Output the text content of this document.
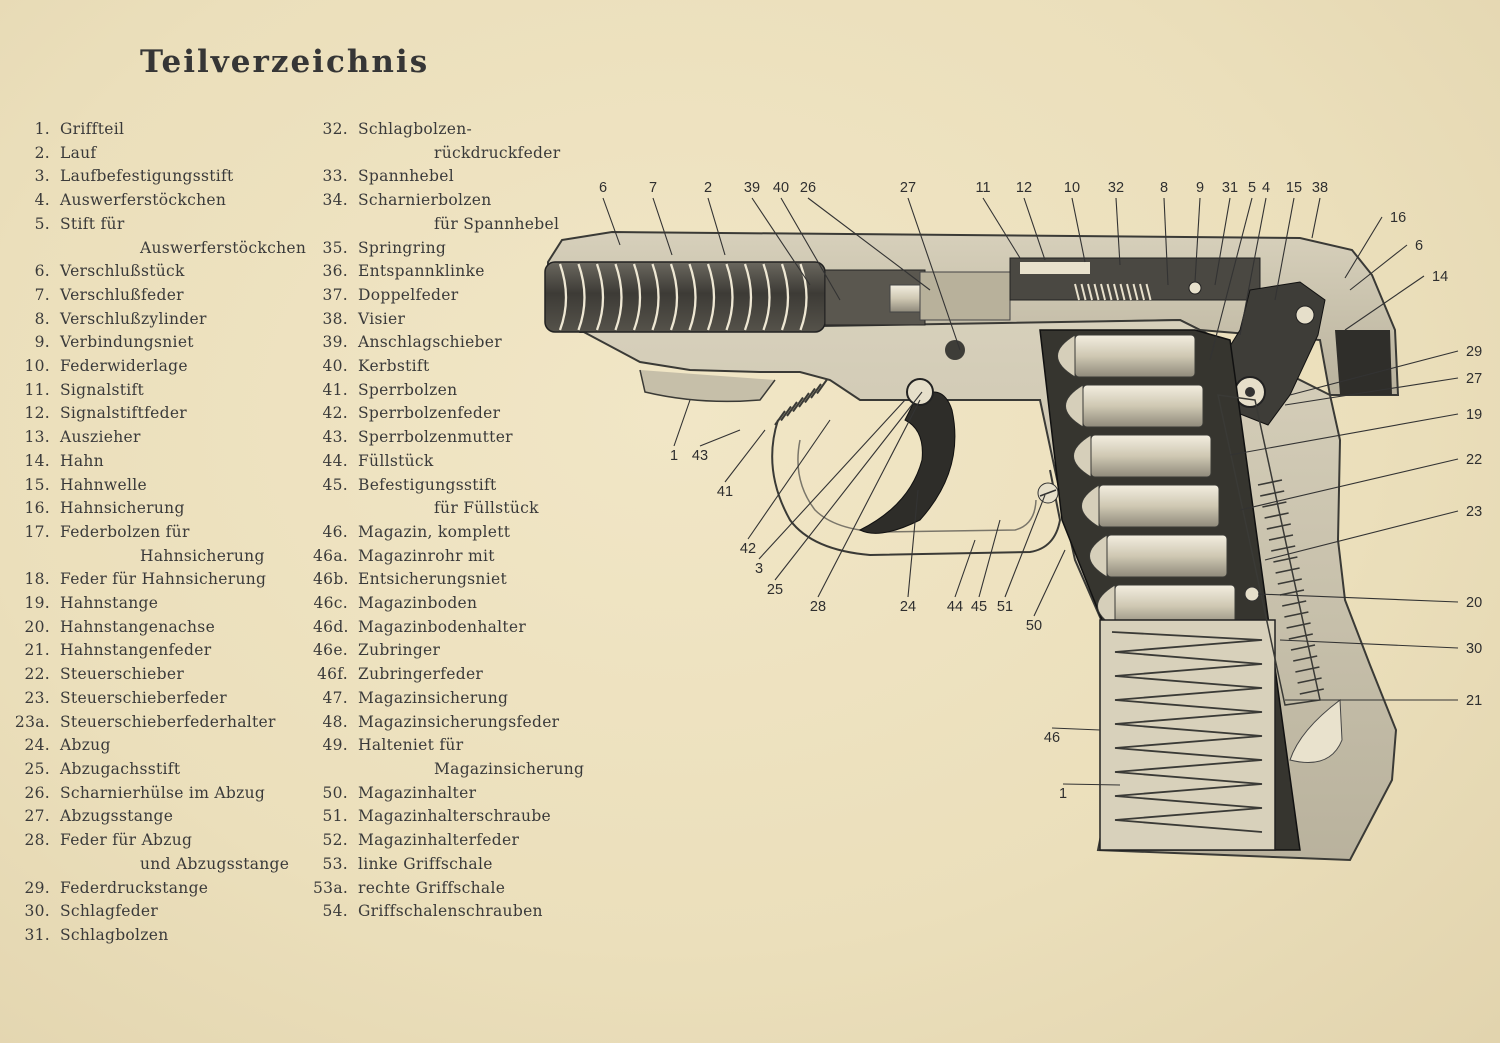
Teilverzeichnis
1. Griffteil
2. Lauf
3. Laufbefestigungsstift
4. Auswerferstöckchen
5. Stift für
Auswerferstöckchen
6. Verschlußstück
7. Verschlußfeder
8. Verschlußzylinder
9. Verbindungsniet
10. Federwiderlage
11. Signalstift
12. Signalstiftfeder
13. Auszieher
14. Hahn
15. Hahnwelle
16. Hahnsicherung
17. Federbolzen für
Hahnsicherung
18. Feder für Hahnsicherung
19. Hahnstange
20. Hahnstangenachse
21. Hahnstangenfeder
22. Steuerschieber
23. Steuerschieberfeder
23a. Steuerschieberfederhalter
24. Abzug
25. Abzugachsstift
26. Scharnierhülse im Abzug
27. Abzugsstange
28. Feder für Abzug
und Abzugsstange
29. Federdruckstange
30. Schlagfeder
31. Schlagbolzen
32. Schlagbolzen-
rückdruckfeder
33. Spannhebel
34. Scharnierbolzen
für Spannhebel
35. Springring
36. Entspannklinke
37. Doppelfeder
38. Visier
39. Anschlagschieber
40. Kerbstift
41. Sperrbolzen
42. Sperrbolzenfeder
43. Sperrbolzenmutter
44. Füllstück
45. Befestigungsstift
für Füllstück
46. Magazin, komplett
46a. Magazinrohr mit
46b. Entsicherungsniet
46c. Magazinboden
46d. Magazinbodenhalter
46e. Zubringer
46f. Zubringerfeder
47. Magazinsicherung
48. Magazinsicherungsfeder
49. Halteniet für
Magazinsicherung
50. Magazinhalter
51. Magazinhalterschraube
52. Magazinhalterfeder
53. linke Griffschale
53a. rechte Griffschale
54. Griffschalenschrauben
6	7	2 39 40 26	27	11 12 10 32 8 9 31 5 4 15 38
16
6
14
29
27
19
22
23
20
30
21
1 43
41
42
3
25
28	24 44 45 51
50
46
1
